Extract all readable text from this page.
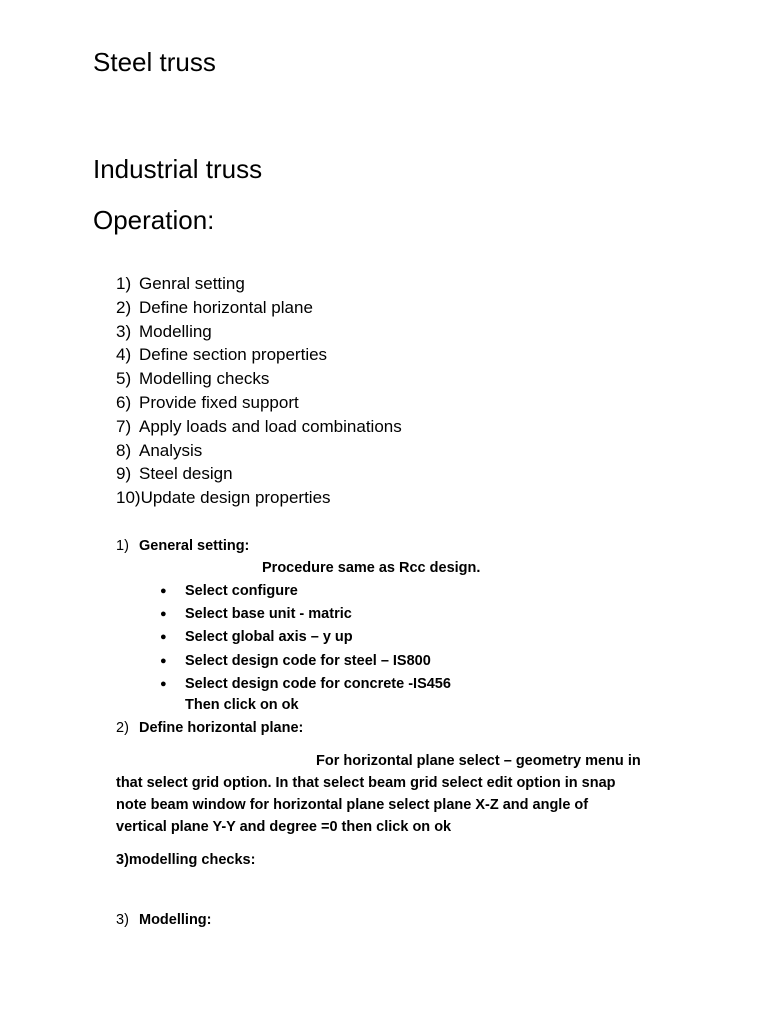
Steel truss
Industrial truss
Operation:
1) Genral setting
2) Define horizontal plane
3) Modelling
4) Define section properties
5) Modelling checks
6) Provide fixed support
7) Apply loads and load combinations
8) Analysis
9) Steel design
10) Update design properties
1) General setting:
Procedure same as Rcc design.
●	Select configure
●	Select base unit - matric
●	Select global axis – y up
●	Select design code for steel – IS800
●	Select design code for concrete -IS456
Then click on ok
2) Define horizontal plane:
For horizontal plane select – geometry menu in
that select grid option. In that select beam grid select edit option in snap
note beam window for horizontal plane select plane X-Z and angle of
vertical plane Y-Y and degree =0 then click on ok
3)modelling checks:
3) Modelling:
